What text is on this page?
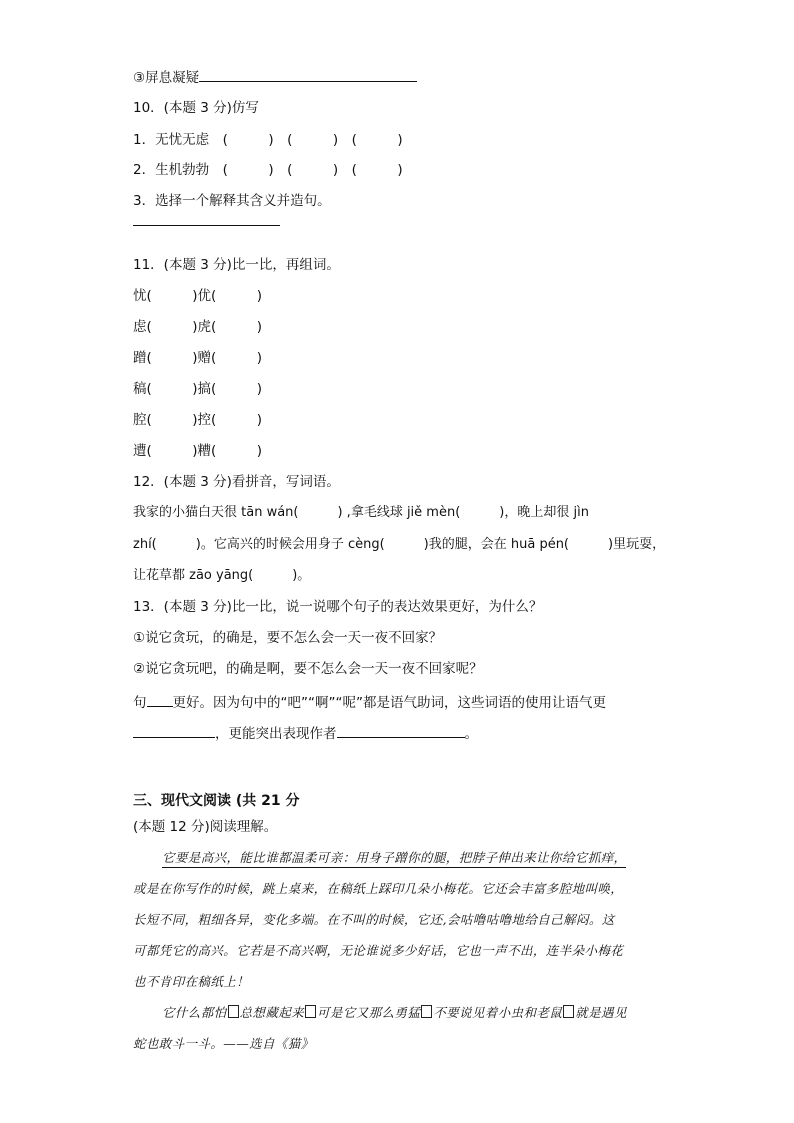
③屏息凝疑
10．(本题 3 分)仿写
1．无忧无虑　(　　　)　(　　　)　(　　　)
2．生机勃勃　(　　　)　(　　　)　(　　　)
3．选择一个解释其含义并造句。
11．(本题 3 分)比一比，再组词。
忧(　　　)优(　　　)
虑(　　　)虎(　　　)
蹭(　　　)赠(　　　)
稿(　　　)搞(　　　)
腔(　　　)控(　　　)
遭(　　　)糟(　　　)
12．(本题 3 分)看拼音，写词语。
我家的小猫白天很 tān wán(　　　) ,拿毛线球 jiě mèn(　　　)，晚上却很 jìn
zhí(　　　)。它高兴的时候会用身子 cèng(　　　)我的腿，会在 huā pén(　　　)里玩耍，
让花草都 zāo yāng(　　　)。
13．(本题 3 分)比一比，说一说哪个句子的表达效果更好，为什么？
①说它贪玩，的确是，要不怎么会一天一夜不回家？
②说它贪玩吧，的确是啊，要不怎么会一天一夜不回家呢？
句 更好。因为句中的“吧”“啊”“呢”都是语气助词，这些词语的使用让语气更
，更能突出表现作者	。
三、现代文阅读 (共 21 分
(本题 12 分)阅读理解。
它要是高兴，能比谁都温柔可亲：用身子蹭你的腿，把脖子伸出来让你给它抓痒，
或是在你写作的时候，跳上桌来，在稿纸上踩印几朵小梅花。它还会丰富多腔地叫唤，
长短不同，粗细各异，变化多端。在不叫的时候，它还,会咕噜咕噜地给自己解闷。这
可都凭它的高兴。它若是不高兴啊，无论谁说多少好话，它也一声不出，连半朵小梅花
也不肯印在稿纸上！
它什么都怕 总想藏起来 可是它又那么勇猛 不要说见着小虫和老鼠 就是遇见
蛇也敢斗一斗。——选自《猫》
